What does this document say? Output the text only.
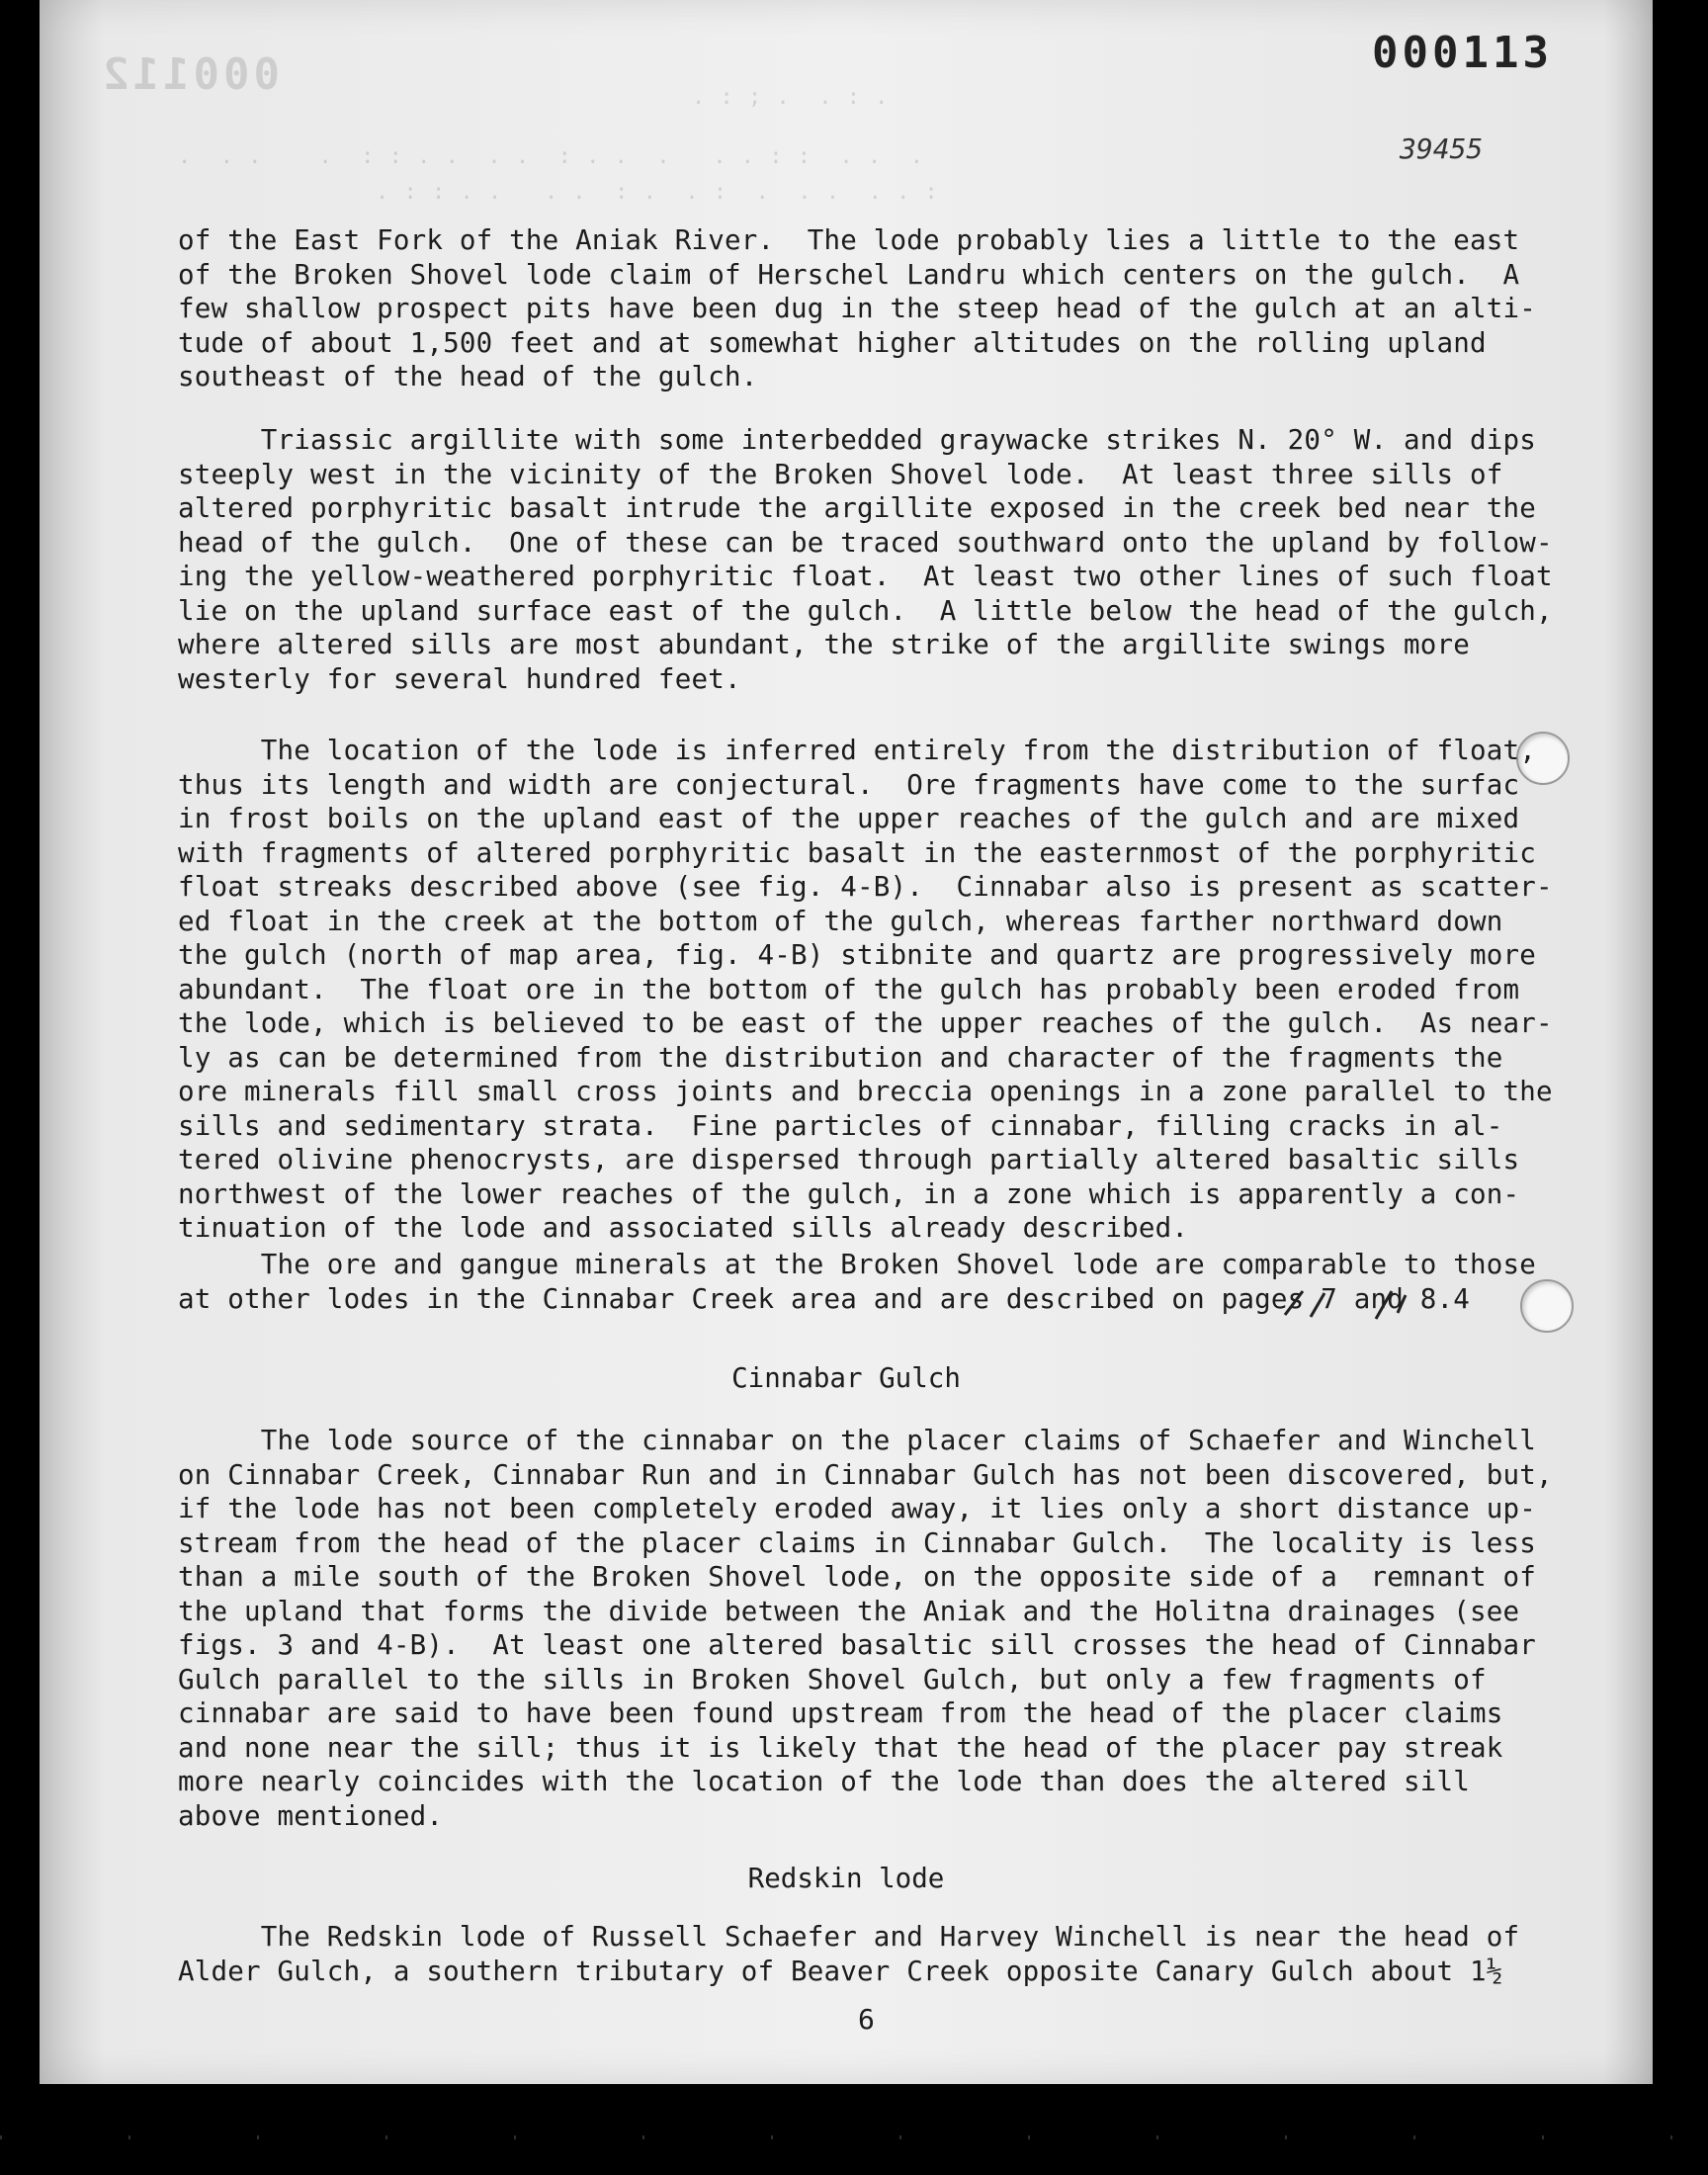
000112	000113
39455
. : ; .  . : .
.  . .    .  : : . .  . .  : . .  .   . . : :  . .  .
. : : . .   . .  : .  . :  .  . .  . . :
of the East Fork of the Aniak River.  The lode probably lies a little to the east
of the Broken Shovel lode claim of Herschel Landru which centers on the gulch.  A
few shallow prospect pits have been dug in the steep head of the gulch at an alti-
tude of about 1,500 feet and at somewhat higher altitudes on the rolling upland
southeast of the head of the gulch.
Triassic argillite with some interbedded graywacke strikes N. 20° W. and dips
steeply west in the vicinity of the Broken Shovel lode.  At least three sills of
altered porphyritic basalt intrude the argillite exposed in the creek bed near the
head of the gulch.  One of these can be traced southward onto the upland by follow-
ing the yellow-weathered porphyritic float.  At least two other lines of such float
lie on the upland surface east of the gulch.  A little below the head of the gulch,
where altered sills are most abundant, the strike of the argillite swings more
westerly for several hundred feet.
The location of the lode is inferred entirely from the distribution of float,
thus its length and width are conjectural.  Ore fragments have come to the surfac
in frost boils on the upland east of the upper reaches of the gulch and are mixed
with fragments of altered porphyritic basalt in the easternmost of the porphyritic
float streaks described above (see fig. 4-B).  Cinnabar also is present as scatter-
ed float in the creek at the bottom of the gulch, whereas farther northward down
the gulch (north of map area, fig. 4-B) stibnite and quartz are progressively more
abundant.  The float ore in the bottom of the gulch has probably been eroded from
the lode, which is believed to be east of the upper reaches of the gulch.  As near-
ly as can be determined from the distribution and character of the fragments the
ore minerals fill small cross joints and breccia openings in a zone parallel to the
sills and sedimentary strata.  Fine particles of cinnabar, filling cracks in al-
tered olivine phenocrysts, are dispersed through partially altered basaltic sills
northwest of the lower reaches of the gulch, in a zone which is apparently a con-
tinuation of the lode and associated sills already described.
The ore and gangue minerals at the Broken Shovel lode are comparable to those
at other lodes in the Cinnabar Creek area and are described on pages 7 and 8.4
Cinnabar Gulch
The lode source of the cinnabar on the placer claims of Schaefer and Winchell
on Cinnabar Creek, Cinnabar Run and in Cinnabar Gulch has not been discovered, but,
if the lode has not been completely eroded away, it lies only a short distance up-
stream from the head of the placer claims in Cinnabar Gulch.  The locality is less
than a mile south of the Broken Shovel lode, on the opposite side of a  remnant of
the upland that forms the divide between the Aniak and the Holitna drainages (see
figs. 3 and 4-B).  At least one altered basaltic sill crosses the head of Cinnabar
Gulch parallel to the sills in Broken Shovel Gulch, but only a few fragments of
cinnabar are said to have been found upstream from the head of the placer claims
and none near the sill; thus it is likely that the head of the placer pay streak
more nearly coincides with the location of the lode than does the altered sill
above mentioned.
Redskin lode
The Redskin lode of Russell Schaefer and Harvey Winchell is near the head of
Alder Gulch, a southern tributary of Beaver Creek opposite Canary Gulch about 1½
6
